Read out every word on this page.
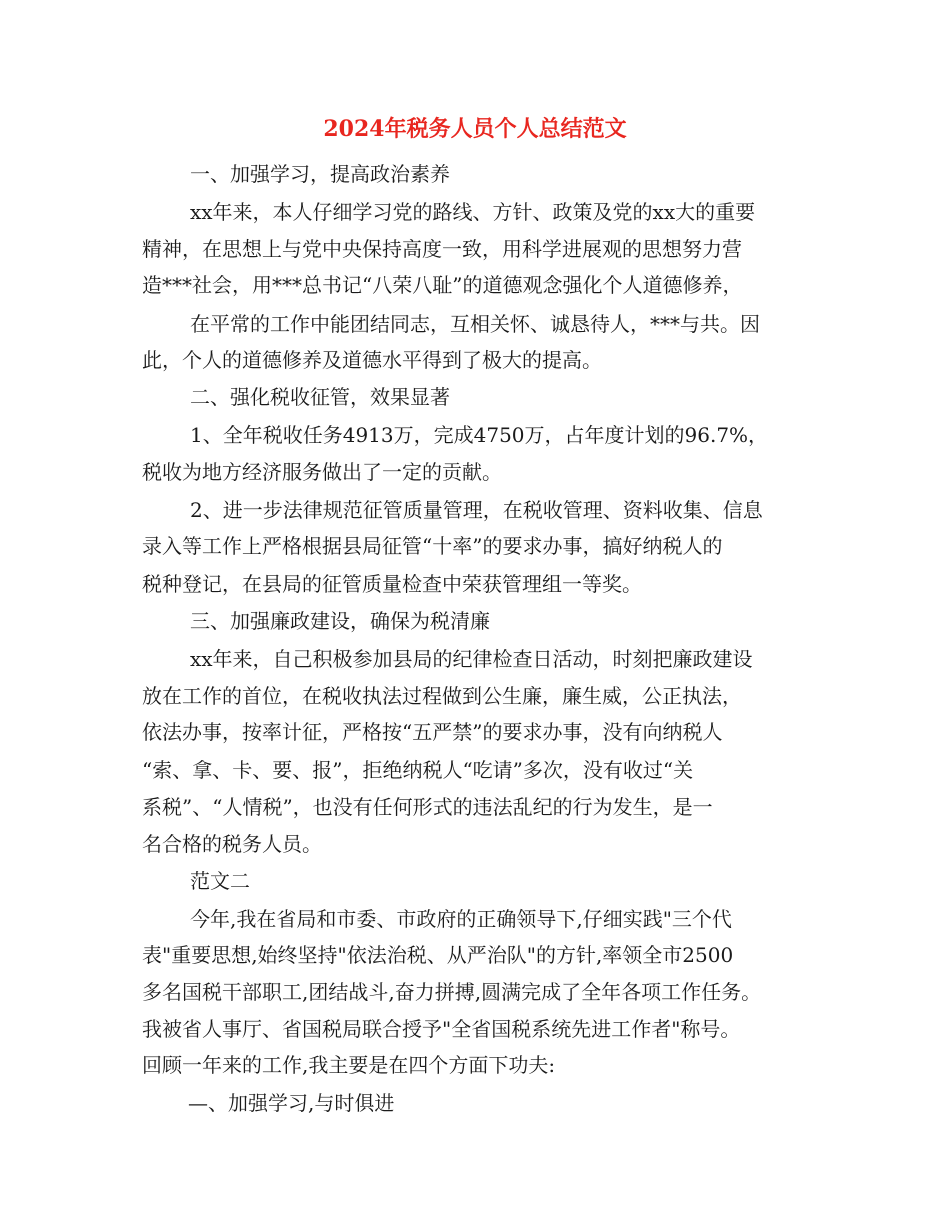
2024年税务人员个人总结范文
一、加强学习，提高政治素养
xx年来，本人仔细学习党的路线、方针、政策及党的xx大的重要
精神，在思想上与党中央保持高度一致，用科学进展观的思想努力营
造***社会，用***总书记“八荣八耻”的道德观念强化个人道德修养，
在平常的工作中能团结同志，互相关怀、诚恳待人，***与共。因
此，个人的道德修养及道德水平得到了极大的提高。
二、强化税收征管，效果显著
1、全年税收任务4913万，完成4750万，占年度计划的96.7%，
税收为地方经济服务做出了一定的贡献。
2、进一步法律规范征管质量管理，在税收管理、资料收集、信息
录入等工作上严格根据县局征管“十率”的要求办事，搞好纳税人的
税种登记，在县局的征管质量检查中荣获管理组一等奖。
三、加强廉政建设，确保为税清廉
xx年来，自己积极参加县局的纪律检查日活动，时刻把廉政建设
放在工作的首位，在税收执法过程做到公生廉，廉生威，公正执法，
依法办事，按率计征，严格按“五严禁”的要求办事，没有向纳税人
“索、拿、卡、要、报”，拒绝纳税人“吃请”多次，没有收过“关
系税”、“人情税”，也没有任何形式的违法乱纪的行为发生，是一
名合格的税务人员。
范文二
今年,我在省局和市委、市政府的正确领导下,仔细实践"三个代
表"重要思想,始终坚持"依法治税、从严治队"的方针,率领全市2500
多名国税干部职工,团结战斗,奋力拼搏,圆满完成了全年各项工作任务。
我被省人事厅、省国税局联合授予"全省国税系统先进工作者"称号。
回顾一年来的工作,我主要是在四个方面下功夫:
—、加强学习,与时俱进
